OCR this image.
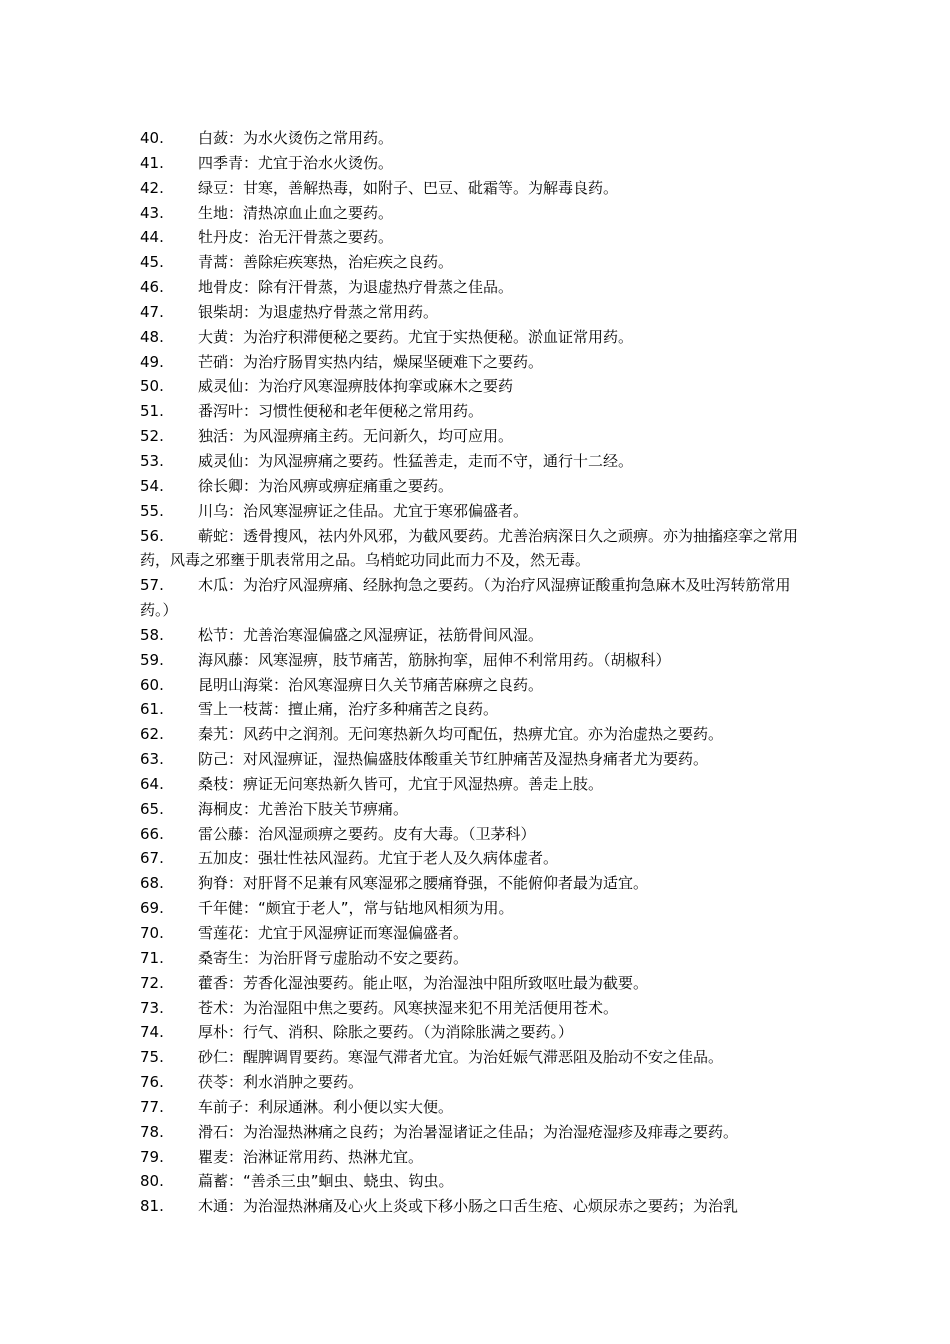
40. 白蔹：为水火烫伤之常用药。
41. 四季青：尤宜于治水火烫伤。
42. 绿豆：甘寒，善解热毒，如附子、巴豆、砒霜等。为解毒良药。
43. 生地：清热凉血止血之要药。
44. 牡丹皮：治无汗骨蒸之要药。
45. 青蒿：善除疟疾寒热，治疟疾之良药。
46. 地骨皮：除有汗骨蒸，为退虚热疗骨蒸之佳品。
47. 银柴胡：为退虚热疗骨蒸之常用药。
48. 大黄：为治疗积滞便秘之要药。尤宜于实热便秘。淤血证常用药。
49. 芒硝：为治疗肠胃实热内结，燥屎坚硬难下之要药。
50. 威灵仙：为治疗风寒湿痹肢体拘挛或麻木之要药
51. 番泻叶：习惯性便秘和老年便秘之常用药。
52. 独活：为风湿痹痛主药。无问新久，均可应用。
53. 威灵仙：为风湿痹痛之要药。性猛善走，走而不守，通行十二经。
54. 徐长卿：为治风痹或痹症痛重之要药。
55. 川乌：治风寒湿痹证之佳品。尤宜于寒邪偏盛者。
56. 蕲蛇：透骨搜风，祛内外风邪，为截风要药。尤善治病深日久之顽痹。亦为抽搐痉挛之常用药，风毒之邪壅于肌表常用之品。乌梢蛇功同此而力不及，然无毒。
57. 木瓜：为治疗风湿痹痛、经脉拘急之要药。（为治疗风湿痹证酸重拘急麻木及吐泻转筋常用药。）
58. 松节：尤善治寒湿偏盛之风湿痹证，祛筋骨间风湿。
59. 海风藤：风寒湿痹，肢节痛苦，筋脉拘挛，屈伸不利常用药。（胡椒科）
60. 昆明山海棠：治风寒湿痹日久关节痛苦麻痹之良药。
61. 雪上一枝蒿：擅止痛，治疗多种痛苦之良药。
62. 秦艽：风药中之润剂。无问寒热新久均可配伍，热痹尤宜。亦为治虚热之要药。
63. 防己：对风湿痹证，湿热偏盛肢体酸重关节红肿痛苦及湿热身痛者尤为要药。
64. 桑枝：痹证无问寒热新久皆可，尤宜于风湿热痹。善走上肢。
65. 海桐皮：尤善治下肢关节痹痛。
66. 雷公藤：治风湿顽痹之要药。皮有大毒。（卫茅科）
67. 五加皮：强壮性祛风湿药。尤宜于老人及久病体虚者。
68. 狗脊：对肝肾不足兼有风寒湿邪之腰痛脊强，不能俯仰者最为适宜。
69. 千年健：“颇宜于老人”，常与钻地风相须为用。
70. 雪莲花：尤宜于风湿痹证而寒湿偏盛者。
71. 桑寄生：为治肝肾亏虚胎动不安之要药。
72. 藿香：芳香化湿浊要药。能止呕，为治湿浊中阻所致呕吐最为截要。
73. 苍术：为治湿阻中焦之要药。风寒挟湿来犯不用羌活便用苍术。
74. 厚朴：行气、消积、除胀之要药。（为消除胀满之要药。）
75. 砂仁：醒脾调胃要药。寒湿气滞者尤宜。为治妊娠气滞恶阻及胎动不安之佳品。
76. 茯苓：利水消肿之要药。
77. 车前子：利尿通淋。利小便以实大便。
78. 滑石：为治湿热淋痛之良药；为治暑湿诸证之佳品；为治湿疮湿疹及痱毒之要药。
79. 瞿麦：治淋证常用药、热淋尤宜。
80. 萹蓄：“善杀三虫”蛔虫、蛲虫、钩虫。
81. 木通：为治湿热淋痛及心火上炎或下移小肠之口舌生疮、心烦尿赤之要药；为治乳
